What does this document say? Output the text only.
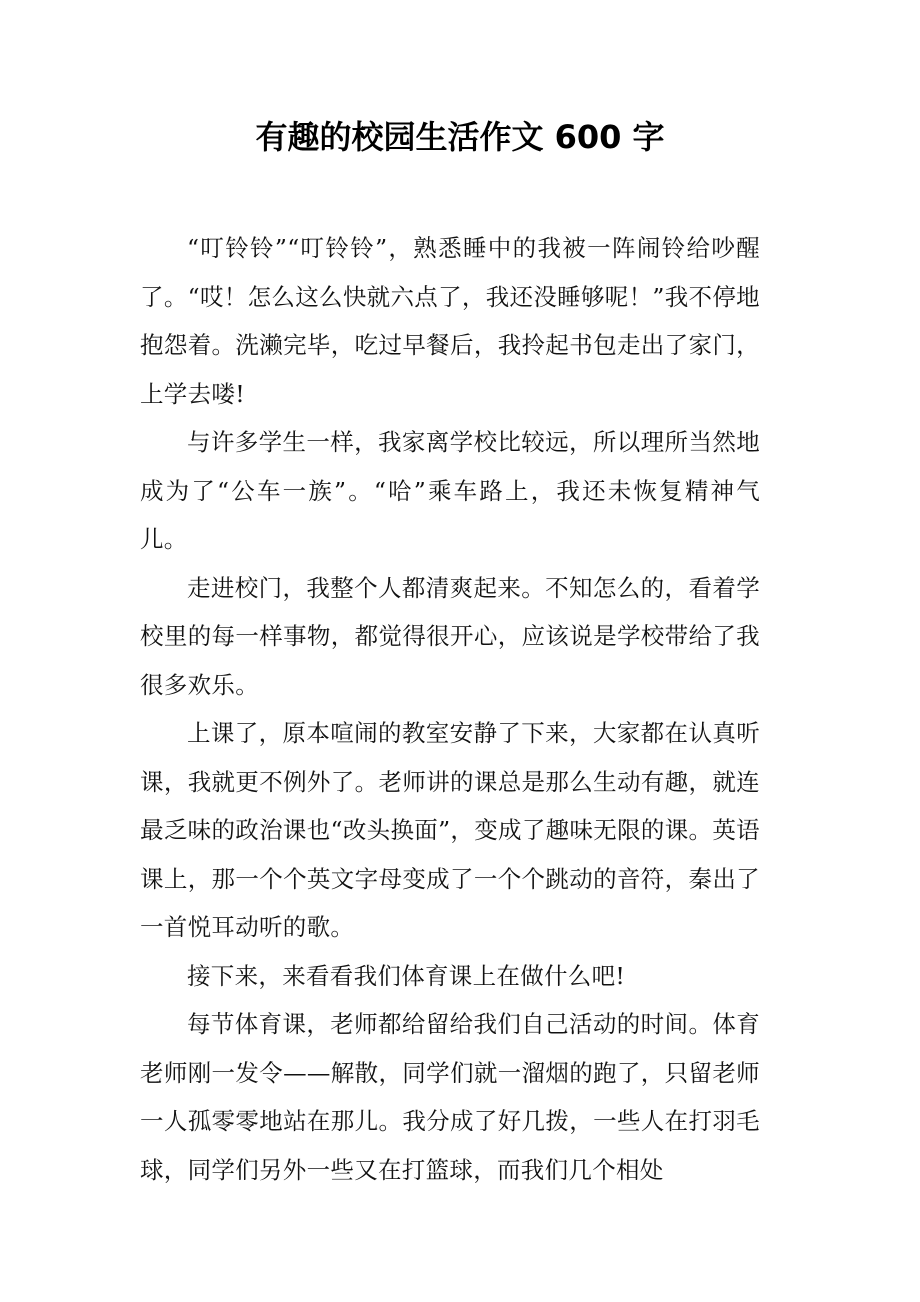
有趣的校园生活作文 600 字

“叮铃铃”“叮铃铃”，熟悉睡中的我被一阵闹铃给吵醒了。“哎！怎么这么快就六点了，我还没睡够呢！”我不停地抱怨着。洗濑完毕，吃过早餐后，我拎起书包走出了家门，上学去喽!

与许多学生一样，我家离学校比较远，所以理所当然地成为了“公车一族”。“哈”乘车路上，我还未恢复精神气儿。

走进校门，我整个人都清爽起来。不知怎么的，看着学校里的每一样事物，都觉得很开心，应该说是学校带给了我很多欢乐。

上课了，原本喧闹的教室安静了下来，大家都在认真听课，我就更不例外了。老师讲的课总是那么生动有趣，就连最乏味的政治课也“改头换面”，变成了趣味无限的课。英语课上，那一个个英文字母变成了一个个跳动的音符，秦出了一首悦耳动听的歌。

接下来，来看看我们体育课上在做什么吧!

每节体育课，老师都给留给我们自己活动的时间。体育老师刚一发令——解散，同学们就一溜烟的跑了，只留老师一人孤零零地站在那儿。我分成了好几拨，一些人在打羽毛球，同学们另外一些又在打篮球，而我们几个相处
